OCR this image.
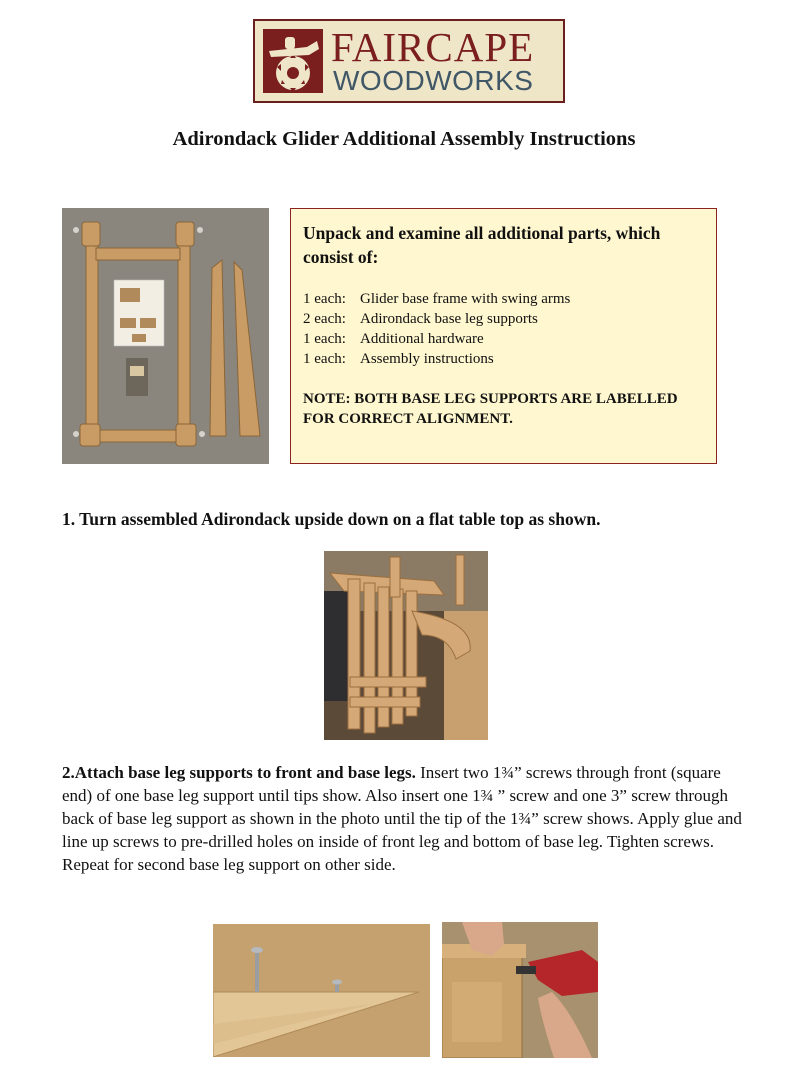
FAIRCAPE
WOODWORKS
Adirondack Glider Additional Assembly Instructions
Unpack and examine all additional parts, which consist of:
1 each: Glider base frame with swing arms
2 each: Adirondack base leg supports
1 each: Additional hardware
1 each: Assembly instructions
NOTE: BOTH BASE LEG SUPPORTS ARE LABELLED FOR CORRECT ALIGNMENT.
1. Turn assembled Adirondack upside down on a flat table top as shown.
2.Attach base leg supports to front and base legs. Insert two 1¾” screws through front (square end) of one base leg support until tips show. Also insert one 1¾ ” screw and one 3” screw through back of base leg support as shown in the photo until the tip of the 1¾” screw shows. Apply glue and line up screws to pre-drilled holes on inside of front leg and bottom of base leg. Tighten screws. Repeat for second base leg support on other side.
